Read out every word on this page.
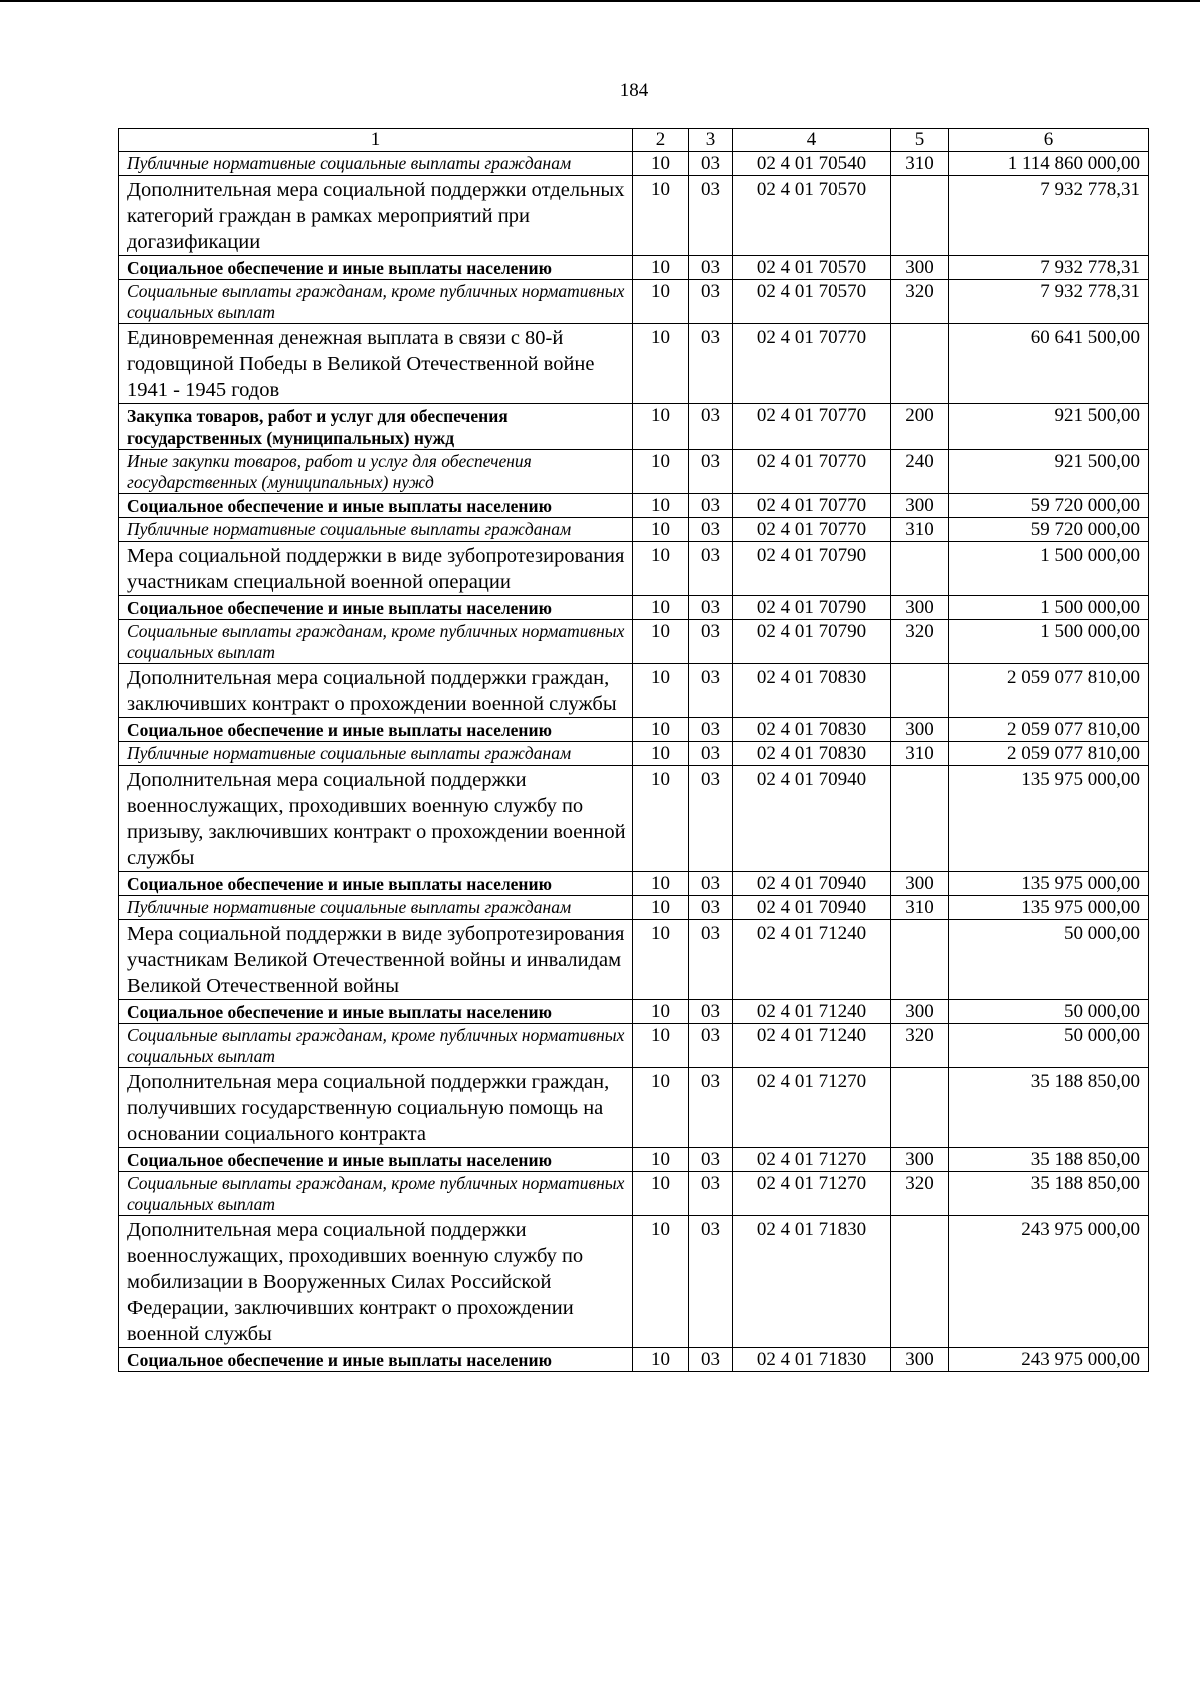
184
1	2	3	4	5	6
Публичные нормативные социальные выплаты гражданам	10	03	02 4 01 70540	310	1 114 860 000,00
Дополнительная мера социальной поддержки отдельных категорий граждан в рамках мероприятий при догазификации	10	03	02 4 01 70570		7 932 778,31
Социальное обеспечение и иные выплаты населению	10	03	02 4 01 70570	300	7 932 778,31
Социальные выплаты гражданам, кроме публичных нормативных социальных выплат	10	03	02 4 01 70570	320	7 932 778,31
Единовременная денежная выплата в связи с 80-й годовщиной Победы в Великой Отечественной войне 1941 - 1945 годов	10	03	02 4 01 70770		60 641 500,00
Закупка товаров, работ и услуг для обеспечения государственных (муниципальных) нужд	10	03	02 4 01 70770	200	921 500,00
Иные закупки товаров, работ и услуг для обеспечения государственных (муниципальных) нужд	10	03	02 4 01 70770	240	921 500,00
Социальное обеспечение и иные выплаты населению	10	03	02 4 01 70770	300	59 720 000,00
Публичные нормативные социальные выплаты гражданам	10	03	02 4 01 70770	310	59 720 000,00
Мера социальной поддержки в виде зубопротезирования участникам специальной военной операции	10	03	02 4 01 70790		1 500 000,00
Социальное обеспечение и иные выплаты населению	10	03	02 4 01 70790	300	1 500 000,00
Социальные выплаты гражданам, кроме публичных нормативных социальных выплат	10	03	02 4 01 70790	320	1 500 000,00
Дополнительная мера социальной поддержки граждан, заключивших контракт о прохождении военной службы	10	03	02 4 01 70830		2 059 077 810,00
Социальное обеспечение и иные выплаты населению	10	03	02 4 01 70830	300	2 059 077 810,00
Публичные нормативные социальные выплаты гражданам	10	03	02 4 01 70830	310	2 059 077 810,00
Дополнительная мера социальной поддержки военнослужащих, проходивших военную службу по призыву, заключивших контракт о прохождении военной службы	10	03	02 4 01 70940		135 975 000,00
Социальное обеспечение и иные выплаты населению	10	03	02 4 01 70940	300	135 975 000,00
Публичные нормативные социальные выплаты гражданам	10	03	02 4 01 70940	310	135 975 000,00
Мера социальной поддержки в виде зубопротезирования участникам Великой Отечественной войны и инвалидам Великой Отечественной войны	10	03	02 4 01 71240		50 000,00
Социальное обеспечение и иные выплаты населению	10	03	02 4 01 71240	300	50 000,00
Социальные выплаты гражданам, кроме публичных нормативных социальных выплат	10	03	02 4 01 71240	320	50 000,00
Дополнительная мера социальной поддержки граждан, получивших государственную социальную помощь на основании социального контракта	10	03	02 4 01 71270		35 188 850,00
Социальное обеспечение и иные выплаты населению	10	03	02 4 01 71270	300	35 188 850,00
Социальные выплаты гражданам, кроме публичных нормативных социальных выплат	10	03	02 4 01 71270	320	35 188 850,00
Дополнительная мера социальной поддержки военнослужащих, проходивших военную службу по мобилизации в Вооруженных Силах Российской Федерации, заключивших контракт о прохождении военной службы	10	03	02 4 01 71830		243 975 000,00
Социальное обеспечение и иные выплаты населению	10	03	02 4 01 71830	300	243 975 000,00
